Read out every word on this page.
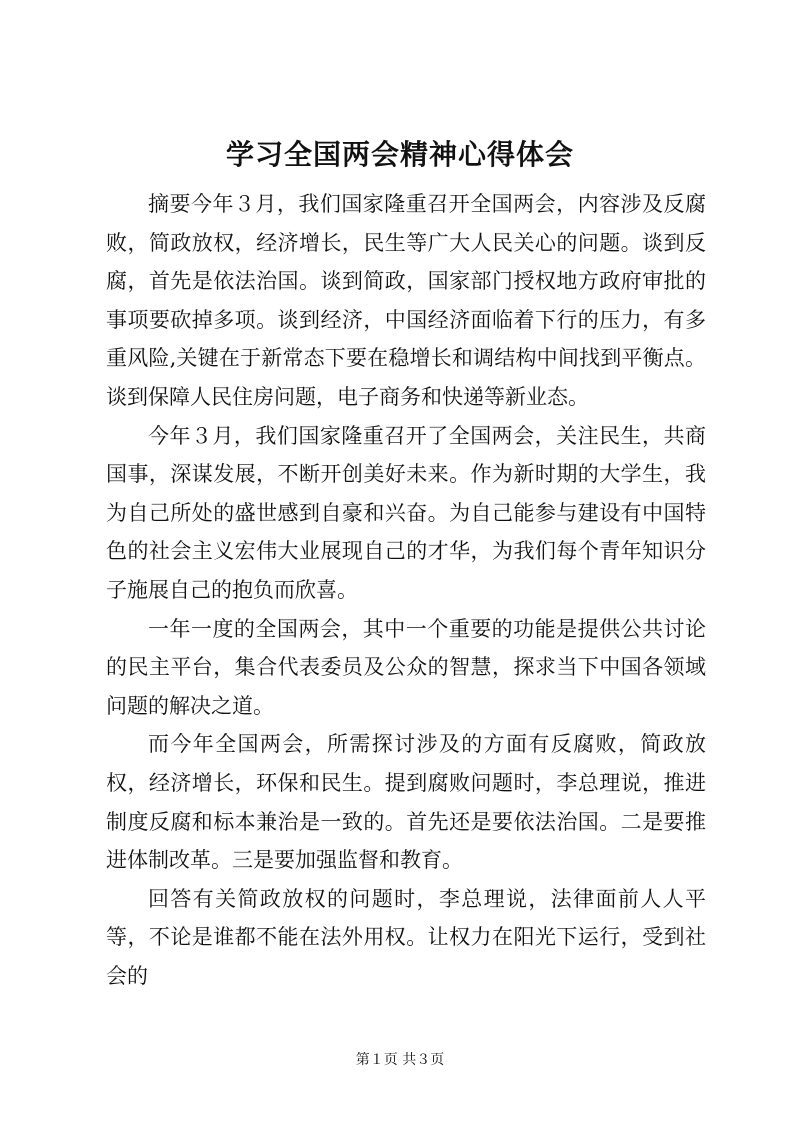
学习全国两会精神心得体会

摘要今年３月，我们国家隆重召开全国两会，内容涉及反腐败，简政放权，经济增长，民生等广大人民关心的问题。谈到反腐，首先是依法治国。谈到简政，国家部门授权地方政府审批的事项要砍掉多项。谈到经济，中国经济面临着下行的压力，有多重风险,关键在于新常态下要在稳增长和调结构中间找到平衡点。谈到保障人民住房问题，电子商务和快递等新业态。

今年３月，我们国家隆重召开了全国两会，关注民生，共商国事，深谋发展，不断开创美好未来。作为新时期的大学生，我为自己所处的盛世感到自豪和兴奋。为自己能参与建设有中国特色的社会主义宏伟大业展现自己的才华，为我们每个青年知识分子施展自己的抱负而欣喜。

一年一度的全国两会，其中一个重要的功能是提供公共讨论的民主平台，集合代表委员及公众的智慧，探求当下中国各领域问题的解决之道。

而今年全国两会，所需探讨涉及的方面有反腐败，简政放权，经济增长，环保和民生。提到腐败问题时，李总理说，推进制度反腐和标本兼治是一致的。首先还是要依法治国。二是要推进体制改革。三是要加强监督和教育。

回答有关简政放权的问题时，李总理说，法律面前人人平等，不论是谁都不能在法外用权。让权力在阳光下运行，受到社会的

第１页 共３页
